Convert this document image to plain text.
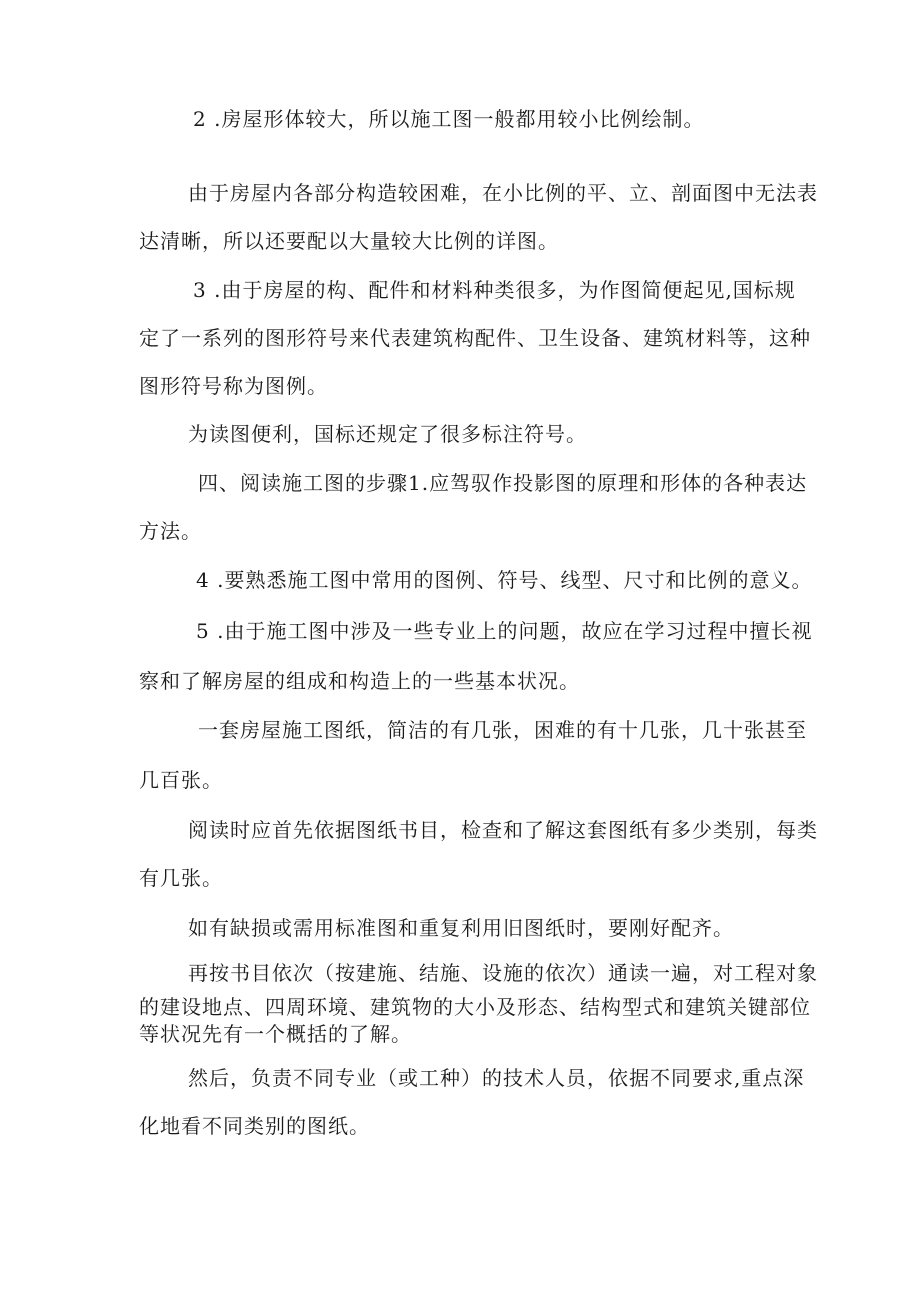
2 .房屋形体较大，所以施工图一般都用较小比例绘制。
由于房屋内各部分构造较困难，在小比例的平、立、剖面图中无法表
达清晰，所以还要配以大量较大比例的详图。
3 .由于房屋的构、配件和材料种类很多，为作图简便起见,国标规
定了一系列的图形符号来代表建筑构配件、卫生设备、建筑材料等，这种
图形符号称为图例。
为读图便利，国标还规定了很多标注符号。
四、阅读施工图的步骤1.应驾驭作投影图的原理和形体的各种表达
方法。
4 .要熟悉施工图中常用的图例、符号、线型、尺寸和比例的意义。
5 .由于施工图中涉及一些专业上的问题，故应在学习过程中擅长视
察和了解房屋的组成和构造上的一些基本状况。
一套房屋施工图纸，简洁的有几张，困难的有十几张，几十张甚至
几百张。
阅读时应首先依据图纸书目，检查和了解这套图纸有多少类别，每类
有几张。
如有缺损或需用标准图和重复利用旧图纸时，要刚好配齐。
再按书目依次（按建施、结施、设施的依次）通读一遍，对工程对象
的建设地点、四周环境、建筑物的大小及形态、结构型式和建筑关键部位
等状况先有一个概括的了解。
然后，负责不同专业（或工种）的技术人员，依据不同要求,重点深
化地看不同类别的图纸。
